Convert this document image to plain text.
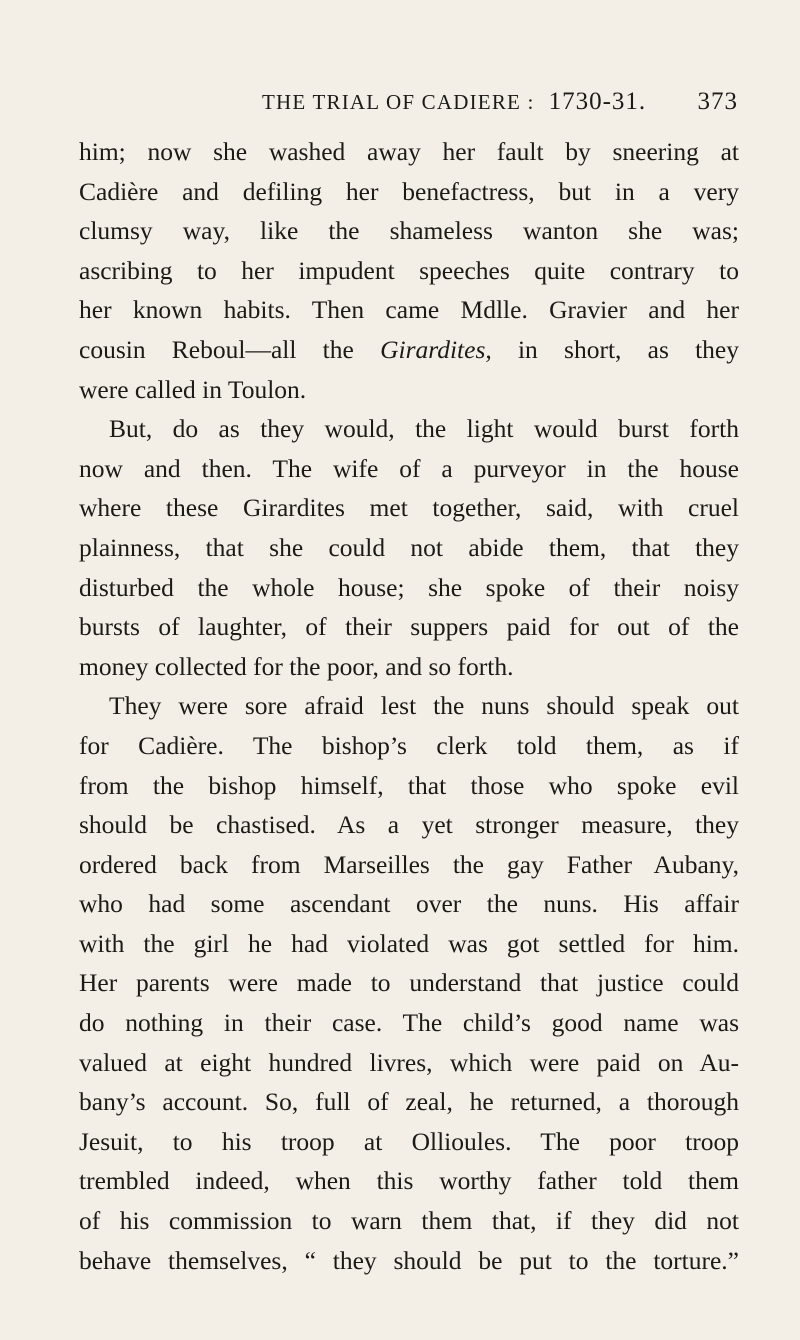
THE TRIAL OF CADIERE : 1730-31. 373

him; now she washed away her fault by sneering at
Cadière and defiling her benefactress, but in a very
clumsy way, like the shameless wanton she was;
ascribing to her impudent speeches quite contrary to
her known habits. Then came Mdlle. Gravier and her
cousin Reboul—all the Girardites, in short, as they
were called in Toulon.

But, do as they would, the light would burst forth
now and then. The wife of a purveyor in the house
where these Girardites met together, said, with cruel
plainness, that she could not abide them, that they
disturbed the whole house; she spoke of their noisy
bursts of laughter, of their suppers paid for out of the
money collected for the poor, and so forth.

They were sore afraid lest the nuns should speak out
for Cadière. The bishop’s clerk told them, as if
from the bishop himself, that those who spoke evil
should be chastised. As a yet stronger measure, they
ordered back from Marseilles the gay Father Aubany,
who had some ascendant over the nuns. His affair
with the girl he had violated was got settled for him.
Her parents were made to understand that justice could
do nothing in their case. The child’s good name was
valued at eight hundred livres, which were paid on Au-
bany’s account. So, full of zeal, he returned, a thorough
Jesuit, to his troop at Ollioules. The poor troop
trembled indeed, when this worthy father told them
of his commission to warn them that, if they did not
behave themselves, “ they should be put to the torture.”
